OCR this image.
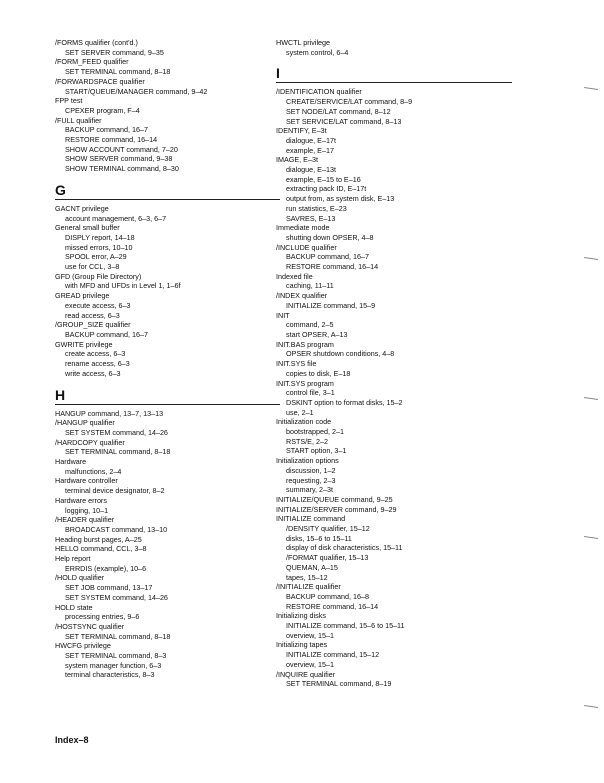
/FORMS qualifier (cont'd.)
SET SERVER command, 9–35
/FORM_FEED qualifier
SET TERMINAL command, 8–18
/FORWARDSPACE qualifier
START/QUEUE/MANAGER command, 9–42
FPP test
CPEXER program, F–4
/FULL qualifier
BACKUP command, 16–7
RESTORE command, 16–14
SHOW ACCOUNT command, 7–20
SHOW SERVER command, 9–38
SHOW TERMINAL command, 8–30
G
GACNT privilege
account management, 6–3, 6–7
General small buffer
DISPLY report, 14–18
missed errors, 10–10
SPOOL error, A–29
use for CCL, 3–8
GFD (Group File Directory)
with MFD and UFDs in Level 1, 1–6f
GREAD privilege
execute access, 6–3
read access, 6–3
/GROUP_SIZE qualifier
BACKUP command, 16–7
GWRITE privilege
create access, 6–3
rename access, 6–3
write access, 6–3
H
HANGUP command, 13–7, 13–13
/HANGUP qualifier
SET SYSTEM command, 14–26
/HARDCOPY qualifier
SET TERMINAL command, 8–18
Hardware
malfunctions, 2–4
Hardware controller
terminal device designator, 8–2
Hardware errors
logging, 10–1
/HEADER qualifier
BROADCAST command, 13–10
Heading burst pages, A–25
HELLO command, CCL, 3–8
Help report
ERRDIS (example), 10–6
/HOLD qualifier
SET JOB command, 13–17
SET SYSTEM command, 14–26
HOLD state
processing entries, 9–6
/HOSTSYNC qualifier
SET TERMINAL command, 8–18
HWCFG privilege
SET TERMINAL command, 8–3
system manager function, 6–3
terminal characteristics, 8–3
HWCTL privilege
system control, 6–4
I
/IDENTIFICATION qualifier
CREATE/SERVICE/LAT command, 8–9
SET NODE/LAT command, 8–12
SET SERVICE/LAT command, 8–13
IDENTIFY, E–3t
dialogue, E–17t
example, E–17
IMAGE, E–3t
dialogue, E–13t
example, E–15 to E–16
extracting pack ID, E–17t
output from, as system disk, E–13
run statistics, E–23
SAVRES, E–13
Immediate mode
shutting down OPSER, 4–8
/INCLUDE qualifier
BACKUP command, 16–7
RESTORE command, 16–14
Indexed file
caching, 11–11
/INDEX qualifier
INITIALIZE command, 15–9
INIT
command, 2–5
start OPSER, A–13
INIT.BAS program
OPSER shutdown conditions, 4–8
INIT.SYS file
copies to disk, E–18
INIT.SYS program
control file, 3–1
DSKINT option to format disks, 15–2
use, 2–1
Initialization code
bootstrapped, 2–1
RSTS/E, 2–2
START option, 3–1
Initialization options
discussion, 1–2
requesting, 2–3
summary, 2–3t
INITIALIZE/QUEUE command, 9–25
INITIALIZE/SERVER command, 9–29
INITIALIZE command
/DENSITY qualifier, 15–12
disks, 15–6 to 15–11
display of disk characteristics, 15–11
/FORMAT qualifier, 15–13
QUEMAN, A–15
tapes, 15–12
/INITIALIZE qualifier
BACKUP command, 16–8
RESTORE command, 16–14
Initializing disks
INITIALIZE command, 15–6 to 15–11
overview, 15–1
Initializing tapes
INITIALIZE command, 15–12
overview, 15–1
/INQUIRE qualifier
SET TERMINAL command, 8–19
Index–8
